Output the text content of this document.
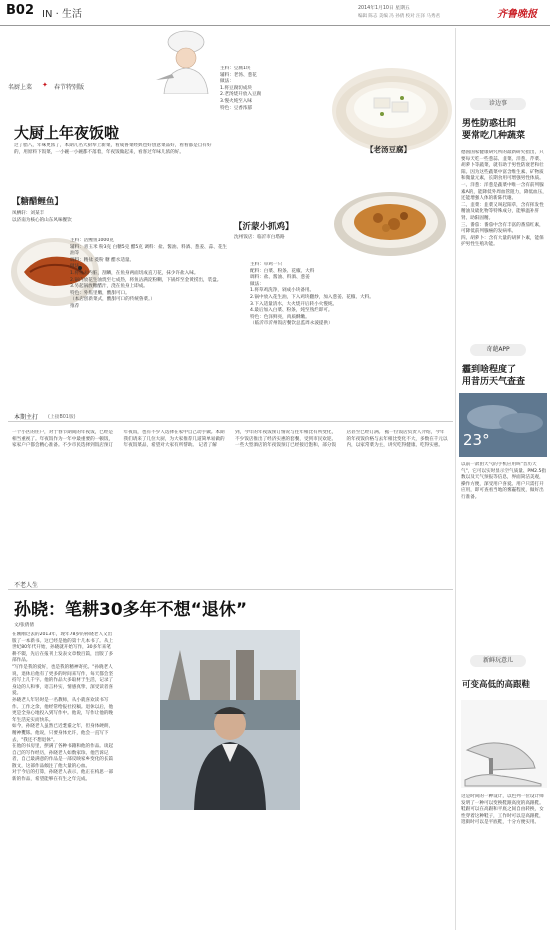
B02 IN · 生活
2014年1月10日 星期五
编辑 陈志 美编 冯 孙倩 校对 汪泽 马秀君	齐鲁晚报
名厨上菜 ✦ 春节特别版
大厨上年夜饭啦
过了腊八，年味更浓了，本期几名大厨奉上新菜，看成鲁菜经典也好创意菜品好，看看都是自有好的，用原料下饭菜，一小碗一小碗都不落着，年夜饭做起来，看客过年味儿浓的好。
主料：豆腐1块
辅料：老汤、葱花
做法：
1.将豆腐切成块
2.老汤烧开放入豆腐
3.慢火炖至入味
特色：豆香浓郁
【老汤豆腐】
【糖醋鲤鱼】
凤栖轩：刘某丰
以济南为核心的山东风味餐饮
主料：活鲤鱼1000克
辅料：青玉米 粉3克 白糖5克 醋5克 调料：盐、酱油、料酒、葱姜、蒜、花生油等
调料：精盐 菱粉 糖 醋水适量。
做法：
1.将鱼去内脏，刮鳞，在鱼身两面切成直刀花，抹少许盐入味。
2.锅内放花生油烧至七成热，将鱼沾满淀粉糊，下锅炸至金黄捞出，装盘。
3.另起锅放糖醋汁，浇在鱼身上即成。
特色：外焦里嫩，酸甜可口。
（本店创新菜式，酸甜可口的传统鲁菜。）
推荐
【沂蒙小抓鸡】
沈州饭店：临沂市白塔路
主料：草鸡一只
配料：白菜、粉条、花椒、大料
调料：盐、酱油、料酒、葱姜
做法：
1.将草鸡洗净，剁成小块备用。
2.锅中放入花生油，下入鸡块翻炒，加入葱姜、花椒、大料。
3.下入适量清水，大火烧开后转小火慢炖。
4.最后加入白菜、粉条，炖至熟烂即可。
特色：色泽鲜亮，肉质酥嫩。
（临沂市沂州饭店餐饮总监周永波提供）
诊边事
男性防惑壮阳
要常吃几种蔬菜
德国国家健康研究所的最新研究指出，只要每天吃一些葱蒜、韭菜、洋葱、芹菜、胡萝卜等蔬菜，就有助于男性防衰老和壮阳。因为这些蔬菜中富含维生素、矿物质和微量元素，长期食用可增强男性体质。
一、洋葱：洋葱是蔬菜中唯一含有前列腺素A的，能降低外周血管阻力，降低血压，还能增强人体的新陈代谢。
二、韭菜：韭菜又叫起阳草，含有挥发性精油及硫化物等特殊成分，能够温补肝肾、助阳固精。
三、番茄：番茄中含有丰富的番茄红素，可降低前列腺癌的发病率。
四、胡萝卜：含有大量的胡萝卜素，能保护男性生殖功能。
奇葩APP
霾到啥程度了
用昔历天气查查
23°
以前一款由天气的手机应用叫"昔历天气"，它可以实时显示空气质量、PM2.5指数以及天气预报等信息，界面简洁美观，操作方便，深受用户喜爱。用户只需打开应用，即可查看当地的雾霾程度，做好出行准备。
新鲜玩意儿
可变高低的高跟鞋
这是时尚的一种设计，以色列一位设计师发明了一种可以变换鞋跟高度的高跟鞋。鞋跟可以在高跟和平底之间自由转换，女性穿着这种鞋子，工作时可以是高跟鞋，逛街时可以是平底鞋，十分方便实用。
本期主打 (上接B01版)
一个小区的住户，对于春节期间的年夜饭，已经是相当重视了。年夜饭作为一年中最重要的一顿饭，家家户户都会精心准备。不少市民选择到饭店预订年夜饭，也有不少人选择在家中自己动手做。本期我们请来了几位大厨，为大家推荐几道简单易做的年夜饭菜品，希望对大家有所帮助。 记者了解到，今年的年夜饭预订情况与往年相比有所变化，不少饭店推出了经济实惠的套餐，受到市民欢迎。一些大型酒店的年夜饭预订已经接近饱和，部分饭店甚至已经订满。 据一位饭店负责人介绍，今年的年夜饭价格与去年相比变化不大，多数在千元以内，以家常菜为主，讲究吃得健康、吃得实惠。
不老人生
孙晓：笔耕30多年不想“退休”
文/张倩倩
在刚刚过去的2013年，现年78岁的孙晓老人又出版了一本新书。这已经是他的第十几本书了。从上世纪80年代开始，孙晓就开始写作，30多年来笔耕不辍，先后在报刊上发表文章数百篇，出版了多部作品。
"写作是我的爱好，也是我的精神寄托。"孙晓老人说，退休后他有了更多的时间来写作，每天都会坚持写上几千字。他的作品大多取材于生活，记录了身边的人和事，语言朴实，情感真挚，深受读者喜爱。
孙晓老人年轻时是一名教师，从小就喜欢读书写作。工作之余，他经常给报社投稿。退休以后，他更是全身心地投入到写作中。他说，写作让他的晚年生活充实而快乐。
如今，孙晓老人虽然已近耄耋之年，但身体硬朗，精神矍铄。他说，只要身体允许，他会一直写下去，"我还不想退休"。
在他的书房里，摆满了各种书籍和他的作品。谈起自己的写作经历，孙晓老人如数家珍。他告诉记者，自己最满意的作品是一部反映家乡变化的长篇散文，这部作品倾注了他大量的心血。
对于今后的打算，孙晓老人表示，他正在构思一部新的作品，希望能够在有生之年完成。
